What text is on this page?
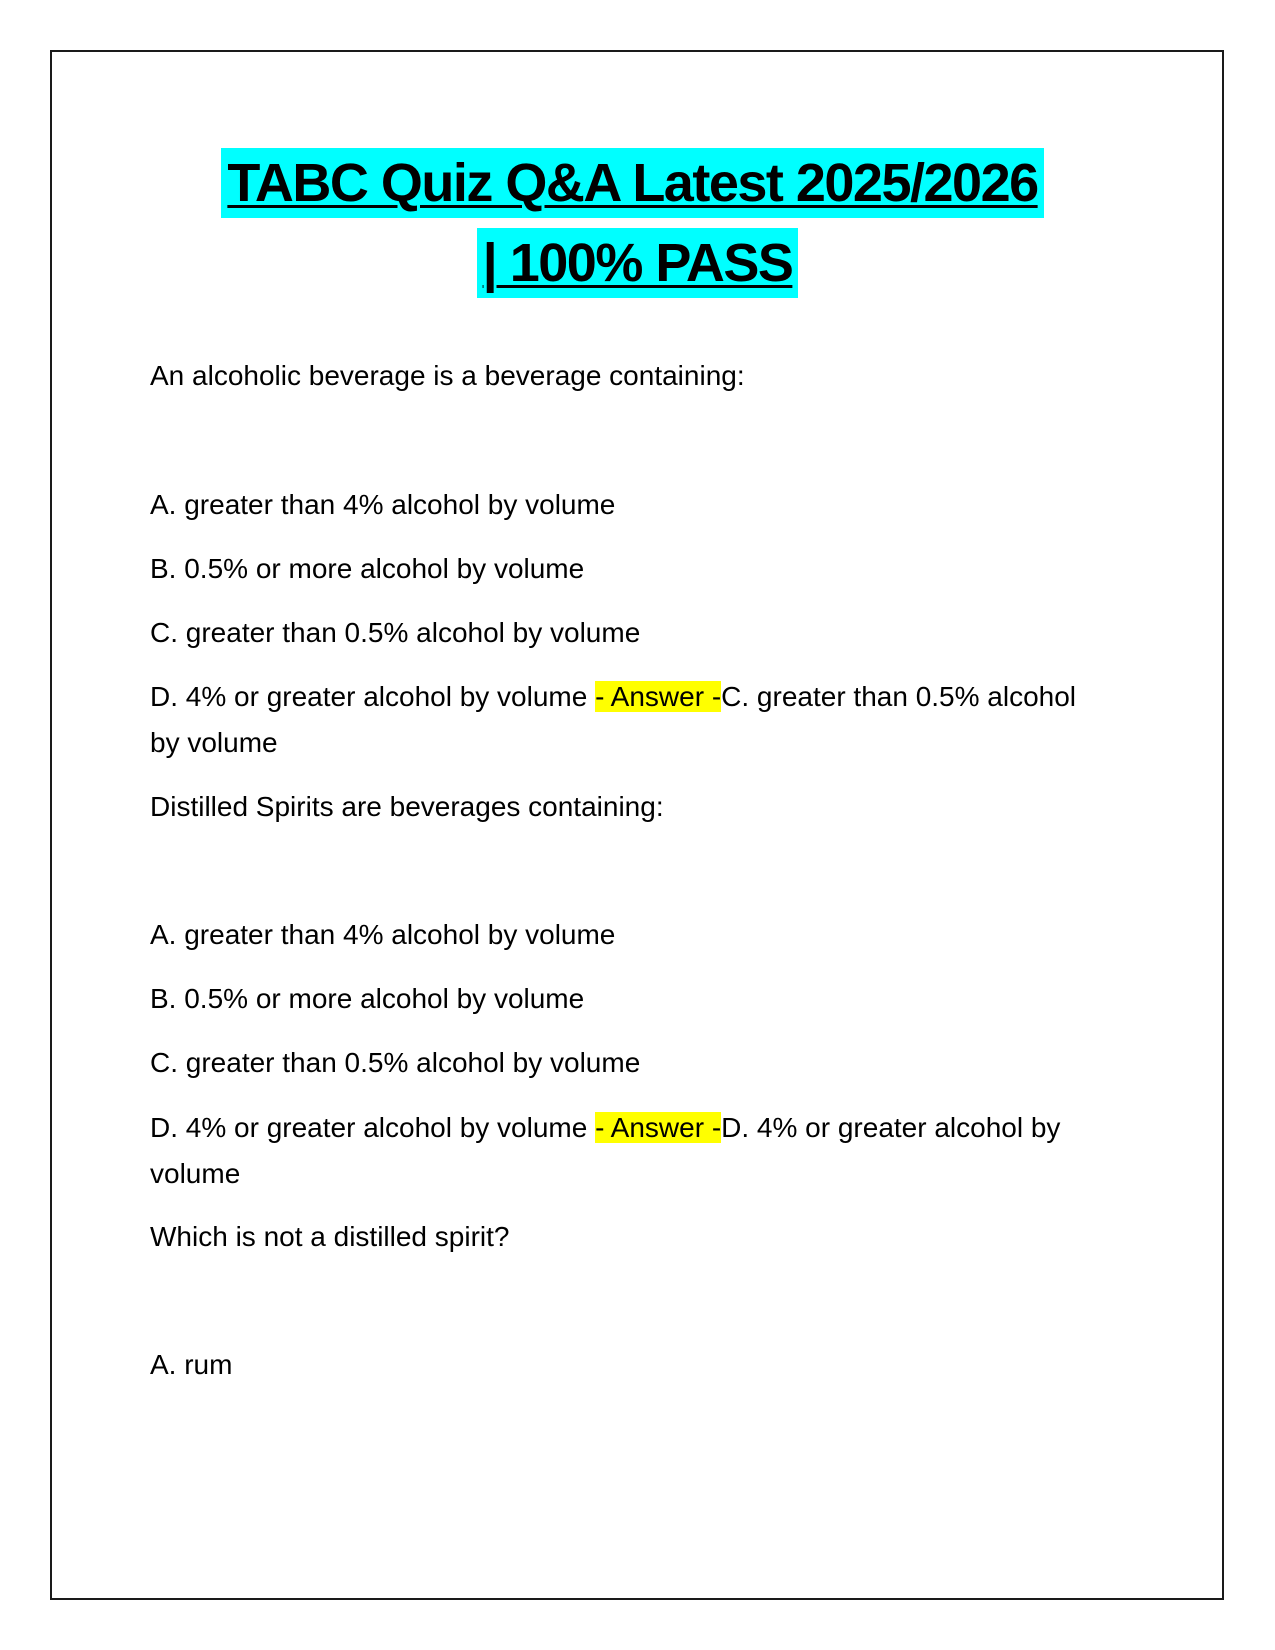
TABC Quiz Q&A Latest 2025/2026
| 100% PASS

An alcoholic beverage is a beverage containing:

A. greater than 4% alcohol by volume

B. 0.5% or more alcohol by volume

C. greater than 0.5% alcohol by volume

D. 4% or greater alcohol by volume - Answer -C. greater than 0.5% alcohol by volume

Distilled Spirits are beverages containing:

A. greater than 4% alcohol by volume

B. 0.5% or more alcohol by volume

C. greater than 0.5% alcohol by volume

D. 4% or greater alcohol by volume - Answer -D. 4% or greater alcohol by volume

Which is not a distilled spirit?

A. rum
